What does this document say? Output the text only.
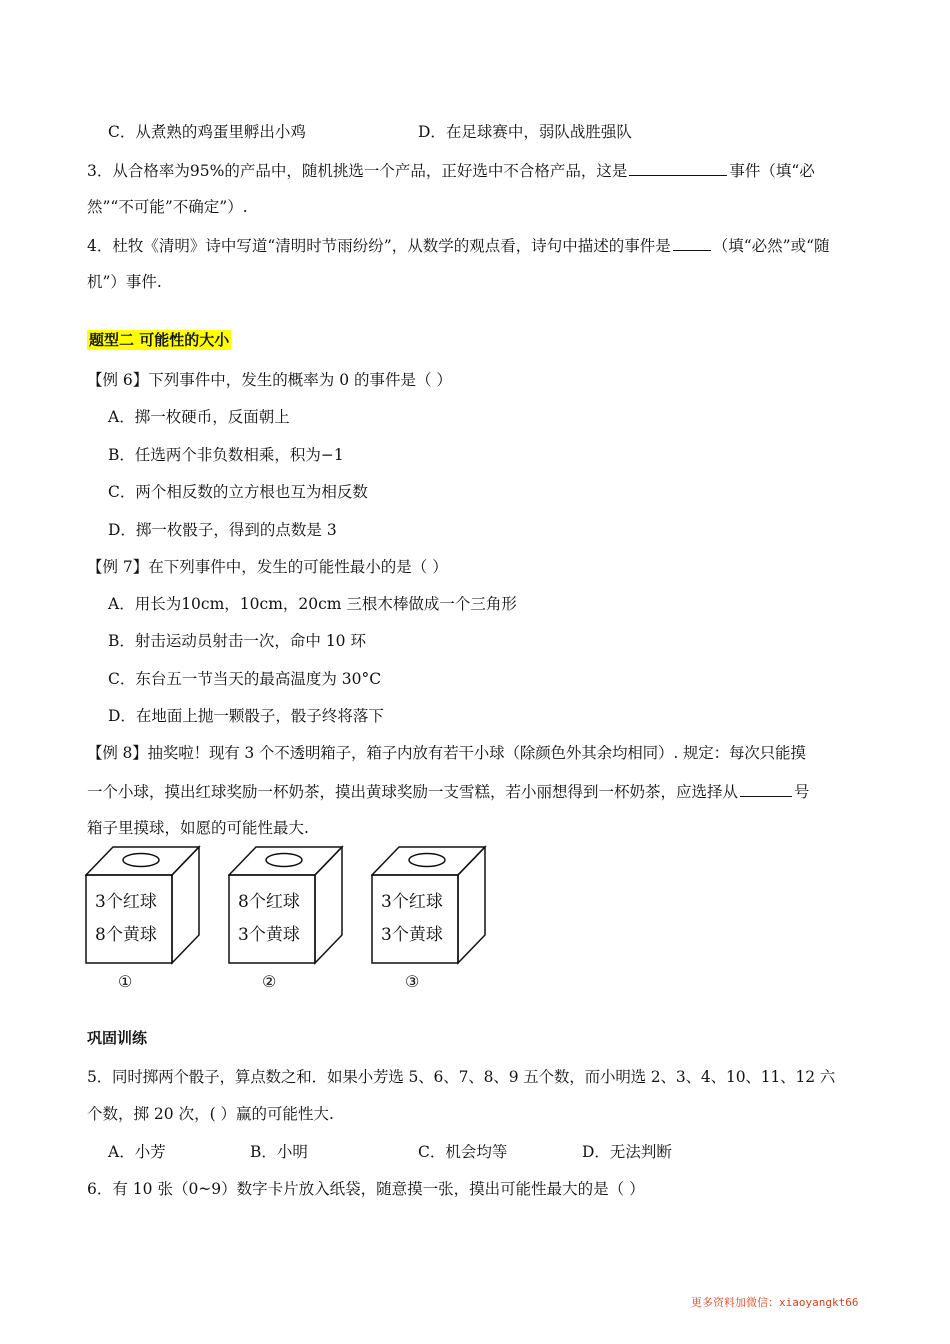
C．从煮熟的鸡蛋里孵出小鸡	D．在足球赛中，弱队战胜强队
3．从合格率为95%的产品中，随机挑选一个产品，正好选中不合格产品，这是	事件（填“必
然”“不可能”不确定”）.
4．杜牧《清明》诗中写道“清明时节雨纷纷”，从数学的观点看，诗句中描述的事件是	（填“必然”或“随
机”）事件.
题型二 可能性的大小
【例 6】下列事件中，发生的概率为 0 的事件是（ ）
A．掷一枚硬币，反面朝上
B．任选两个非负数相乘，积为−1
C．两个相反数的立方根也互为相反数
D．掷一枚骰子，得到的点数是 3
【例 7】在下列事件中，发生的可能性最小的是（ ）
A．用长为10cm，10cm，20cm 三根木棒做成一个三角形
B．射击运动员射击一次，命中 10 环
C．东台五一节当天的最高温度为 30°C
D．在地面上抛一颗骰子，骰子终将落下
【例 8】抽奖啦！现有 3 个不透明箱子，箱子内放有若干小球（除颜色外其余均相同）. 规定：每次只能摸
一个小球，摸出红球奖励一杯奶茶，摸出黄球奖励一支雪糕，若小丽想得到一杯奶茶，应选择从	号
箱子里摸球，如愿的可能性最大.
3个红球
8个黄球
①
8个红球
3个黄球
②
3个红球
3个黄球
③
巩固训练
5．同时掷两个骰子，算点数之和．如果小芳选 5、6、7、8、9 五个数，而小明选 2、3、4、10、11、12 六
个数，掷 20 次，( ）赢的可能性大.
A．小芳	B．小明	C．机会均等	D．无法判断
6．有 10 张（0~9）数字卡片放入纸袋，随意摸一张，摸出可能性最大的是（ ）
更多资料加微信：xiaoyangkt66
